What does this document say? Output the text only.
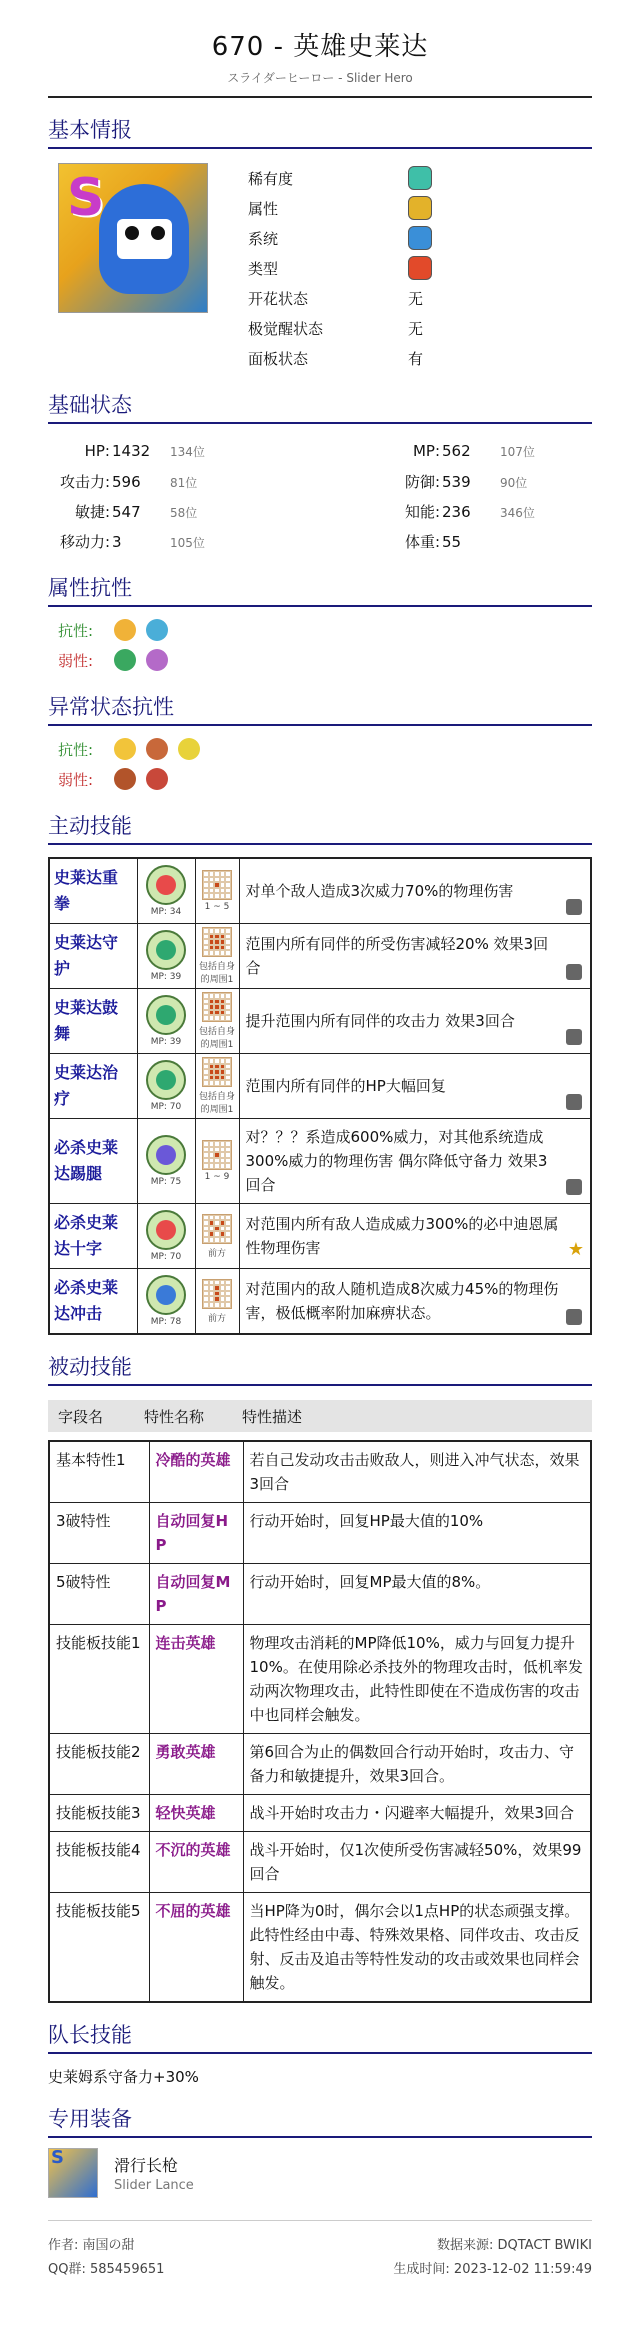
670 - 英雄史莱达
スライダーヒーロー - Slider Hero
基本情报
S	稀有度
属性
系统
类型
开花状态	无
极觉醒状态	无
面板状态	有
基础状态
HP: 1432	134位	MP: 562	107位
攻击力: 596	81位	防御: 539	90位
敏捷: 547	58位	知能: 236	346位
移动力: 3	105位	体重: 55
属性抗性
抗性:
弱性:
异常状态抗性
抗性:
弱性:
主动技能
史莱达重拳	MP: 34	1 ~ 5	对单个敌人造成3次威力70%的物理伤害

史莱达守护	MP: 39	包括自身的周围1	范围内所有同伴的所受伤害减轻20% 效果3回合

史莱达鼓舞	MP: 39	包括自身的周围1	提升范围内所有同伴的攻击力 效果3回合

史莱达治疗	MP: 70	包括自身的周围1	范围内所有同伴的HP大幅回复

必杀史莱达踢腿	MP: 75	1 ~ 9	对？？？系造成600%威力，对其他系统造成300%威力的物理伤害 偶尔降低守备力 效果3回合

必杀史莱达十字	MP: 70	前方	对范围内所有敌人造成威力300%的必中迪恩属性物理伤害 ★

必杀史莱达冲击	MP: 78	前方	对范围内的敌人随机造成8次威力45%的物理伤害，极低概率附加麻痹状态。
被动技能
字段名	特性名称	特性描述
基本特性1	冷酷的英雄	若自己发动攻击击败敌人，则进入冲气状态，效果3回合
3破特性	自动回复HP	行动开始时，回复HP最大值的10%
5破特性	自动回复MP	行动开始时，回复MP最大值的8%。
技能板技能1	连击英雄	物理攻击消耗的MP降低10%，威力与回复力提升10%。在使用除必杀技外的物理攻击时，低机率发动两次物理攻击，此特性即使在不造成伤害的攻击中也同样会触发。
技能板技能2	勇敢英雄	第6回合为止的偶数回合行动开始时，攻击力、守备力和敏捷提升，效果3回合。
技能板技能3	轻快英雄	战斗开始时攻击力・闪避率大幅提升，效果3回合
技能板技能4	不沉的英雄	战斗开始时，仅1次使所受伤害减轻50%，效果99回合
技能板技能5	不屈的英雄	当HP降为0时，偶尔会以1点HP的状态顽强支撑。此特性经由中毒、特殊效果格、同伴攻击、攻击反射、反击及追击等特性发动的攻击或效果也同样会触发。
队长技能
史莱姆系守备力+30%
专用装备
S	滑行长枪
Slider Lance
作者: 南国の甜	数据来源: DQTACT BWIKI
QQ群: 585459651	生成时间: 2023-12-02 11:59:49
